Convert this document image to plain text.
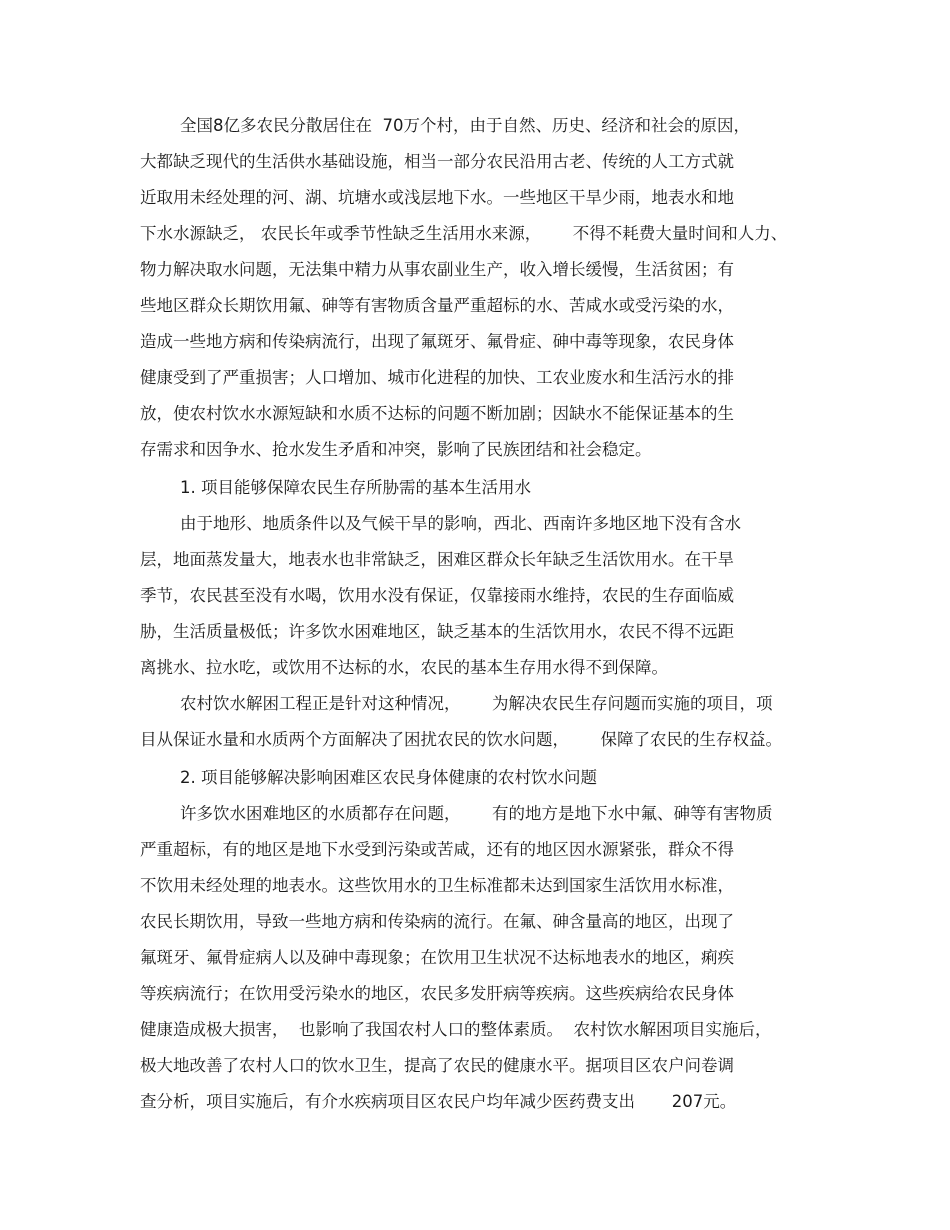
全国8亿多农民分散居住在  70万个村，由于自然、历史、经济和社会的原因，
大都缺乏现代的生活供水基础设施，相当一部分农民沿用古老、传统的人工方式就
近取用未经处理的河、湖、坑塘水或浅层地下水。一些地区干旱少雨，地表水和地
下水水源缺乏， 农民长年或季节性缺乏生活用水来源，      不得不耗费大量时间和人力、
物力解决取水问题，无法集中精力从事农副业生产，收入增长缓慢，生活贫困；有
些地区群众长期饮用氟、砷等有害物质含量严重超标的水、苦咸水或受污染的水，
造成一些地方病和传染病流行，出现了氟斑牙、氟骨症、砷中毒等现象，农民身体
健康受到了严重损害；人口增加、城市化进程的加快、工农业废水和生活污水的排
放，使农村饮水水源短缺和水质不达标的问题不断加剧；因缺水不能保证基本的生
存需求和因争水、抢水发生矛盾和冲突，影响了民族团结和社会稳定。
1. 项目能够保障农民生存所胁需的基本生活用水
由于地形、地质条件以及气候干旱的影响，西北、西南许多地区地下没有含水
层，地面蒸发量大，地表水也非常缺乏，困难区群众长年缺乏生活饮用水。在干旱
季节，农民甚至没有水喝，饮用水没有保证，仅靠接雨水维持，农民的生存面临威
胁，生活质量极低；许多饮水困难地区，缺乏基本的生活饮用水，农民不得不远距
离挑水、拉水吃，或饮用不达标的水，农民的基本生存用水得不到保障。
农村饮水解困工程正是针对这种情况，      为解决农民生存问题而实施的项目，项
目从保证水量和水质两个方面解决了困扰农民的饮水问题，      保障了农民的生存权益。
2. 项目能够解决影响困难区农民身体健康的农村饮水问题
许多饮水困难地区的水质都存在问题，      有的地方是地下水中氟、砷等有害物质
严重超标，有的地区是地下水受到污染或苦咸，还有的地区因水源紧张，群众不得
不饮用未经处理的地表水。这些饮用水的卫生标准都未达到国家生活饮用水标准，
农民长期饮用，导致一些地方病和传染病的流行。在氟、砷含量高的地区，出现了
氟斑牙、氟骨症病人以及砷中毒现象；在饮用卫生状况不达标地表水的地区，痢疾
等疾病流行；在饮用受污染水的地区，农民多发肝病等疾病。这些疾病给农民身体
健康造成极大损害，  也影响了我国农村人口的整体素质。  农村饮水解困项目实施后，
极大地改善了农村人口的饮水卫生，提高了农民的健康水平。据项目区农户问卷调
查分析，项目实施后，有介水疾病项目区农民户均年减少医药费支出       207元。
